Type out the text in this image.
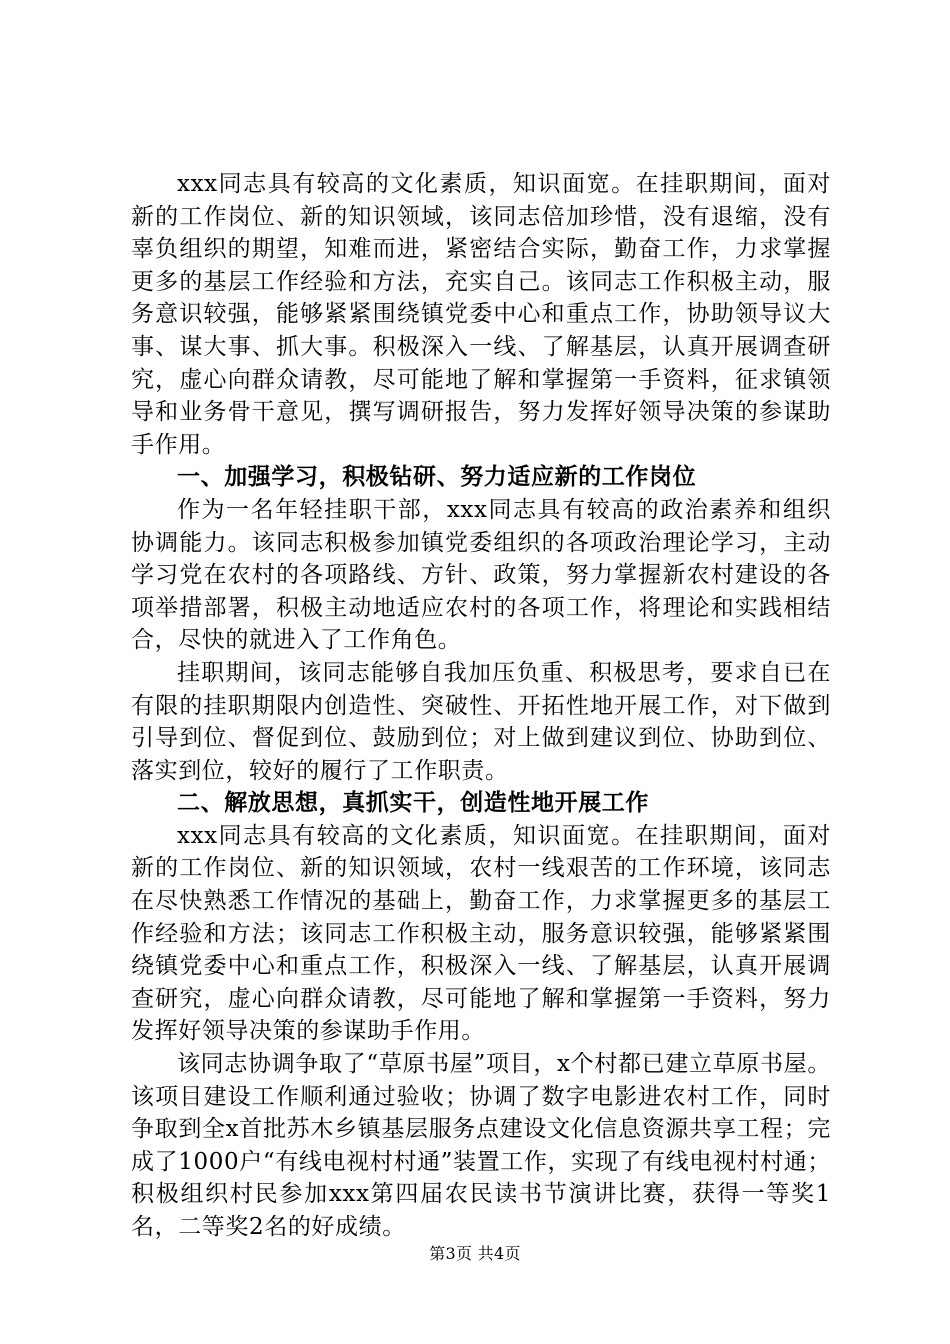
xxx同志具有较高的文化素质，知识面宽。在挂职期间，面对新的工作岗位、新的知识领域，该同志倍加珍惜，没有退缩，没有辜负组织的期望，知难而进，紧密结合实际，勤奋工作，力求掌握更多的基层工作经验和方法，充实自己。该同志工作积极主动，服务意识较强，能够紧紧围绕镇党委中心和重点工作，协助领导议大事、谋大事、抓大事。积极深入一线、了解基层，认真开展调查研究，虚心向群众请教，尽可能地了解和掌握第一手资料，征求镇领导和业务骨干意见，撰写调研报告，努力发挥好领导决策的参谋助手作用。

一、加强学习，积极钻研、努力适应新的工作岗位

作为一名年轻挂职干部，xxx同志具有较高的政治素养和组织协调能力。该同志积极参加镇党委组织的各项政治理论学习，主动学习党在农村的各项路线、方针、政策，努力掌握新农村建设的各项举措部署，积极主动地适应农村的各项工作，将理论和实践相结合，尽快的就进入了工作角色。

挂职期间，该同志能够自我加压负重、积极思考，要求自已在有限的挂职期限内创造性、突破性、开拓性地开展工作，对下做到引导到位、督促到位、鼓励到位；对上做到建议到位、协助到位、落实到位，较好的履行了工作职责。

二、解放思想，真抓实干，创造性地开展工作

xxx同志具有较高的文化素质，知识面宽。在挂职期间，面对新的工作岗位、新的知识领域，农村一线艰苦的工作环境，该同志在尽快熟悉工作情况的基础上，勤奋工作，力求掌握更多的基层工作经验和方法；该同志工作积极主动，服务意识较强，能够紧紧围绕镇党委中心和重点工作，积极深入一线、了解基层，认真开展调查研究，虚心向群众请教，尽可能地了解和掌握第一手资料，努力发挥好领导决策的参谋助手作用。

该同志协调争取了“草原书屋”项目，x个村都已建立草原书屋。该项目建设工作顺利通过验收；协调了数字电影进农村工作，同时争取到全x首批苏木乡镇基层服务点建设文化信息资源共享工程；完成了1000户“有线电视村村通”装置工作，实现了有线电视村村通；积极组织村民参加xxx第四届农民读书节演讲比赛，获得一等奖1名，二等奖2名的好成绩。

第3页 共4页
